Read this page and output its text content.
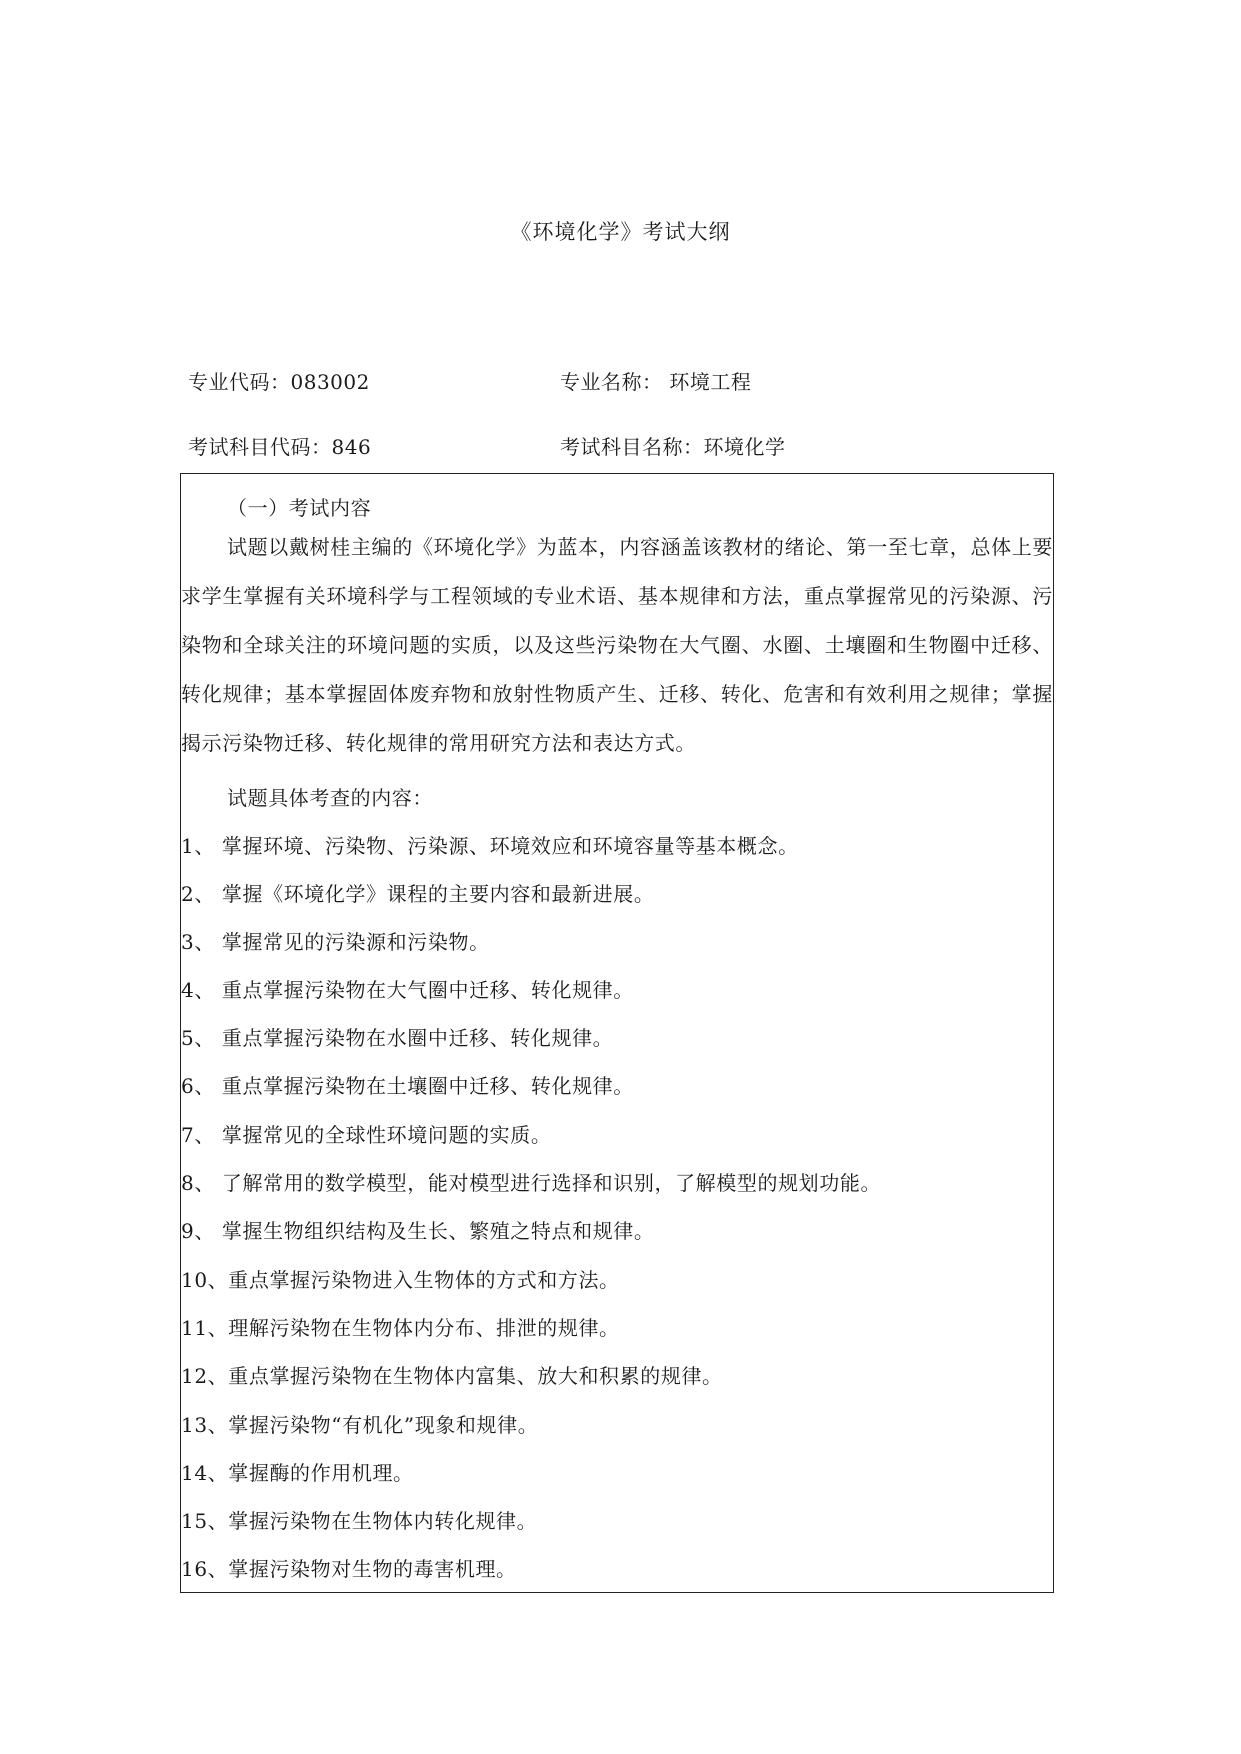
《环境化学》考试大纲
专业代码：083002	专业名称： 环境工程
考试科目代码：846	考试科目名称：环境化学
（一）考试内容
试题以戴树桂主编的《环境化学》为蓝本，内容涵盖该教材的绪论、第一至七章，总体上要求学生掌握有关环境科学与工程领域的专业术语、基本规律和方法，重点掌握常见的污染源、污染物和全球关注的环境问题的实质，以及这些污染物在大气圈、水圈、土壤圈和生物圈中迁移、转化规律；基本掌握固体废弃物和放射性物质产生、迁移、转化、危害和有效利用之规律；掌握揭示污染物迁移、转化规律的常用研究方法和表达方式。
试题具体考查的内容：
1、 掌握环境、污染物、污染源、环境效应和环境容量等基本概念。
2、 掌握《环境化学》课程的主要内容和最新进展。
3、 掌握常见的污染源和污染物。
4、 重点掌握污染物在大气圈中迁移、转化规律。
5、 重点掌握污染物在水圈中迁移、转化规律。
6、 重点掌握污染物在土壤圈中迁移、转化规律。
7、 掌握常见的全球性环境问题的实质。
8、 了解常用的数学模型，能对模型进行选择和识别，了解模型的规划功能。
9、 掌握生物组织结构及生长、繁殖之特点和规律。
10、重点掌握污染物进入生物体的方式和方法。
11、理解污染物在生物体内分布、排泄的规律。
12、重点掌握污染物在生物体内富集、放大和积累的规律。
13、掌握污染物“有机化”现象和规律。
14、掌握酶的作用机理。
15、掌握污染物在生物体内转化规律。
16、掌握污染物对生物的毒害机理。
